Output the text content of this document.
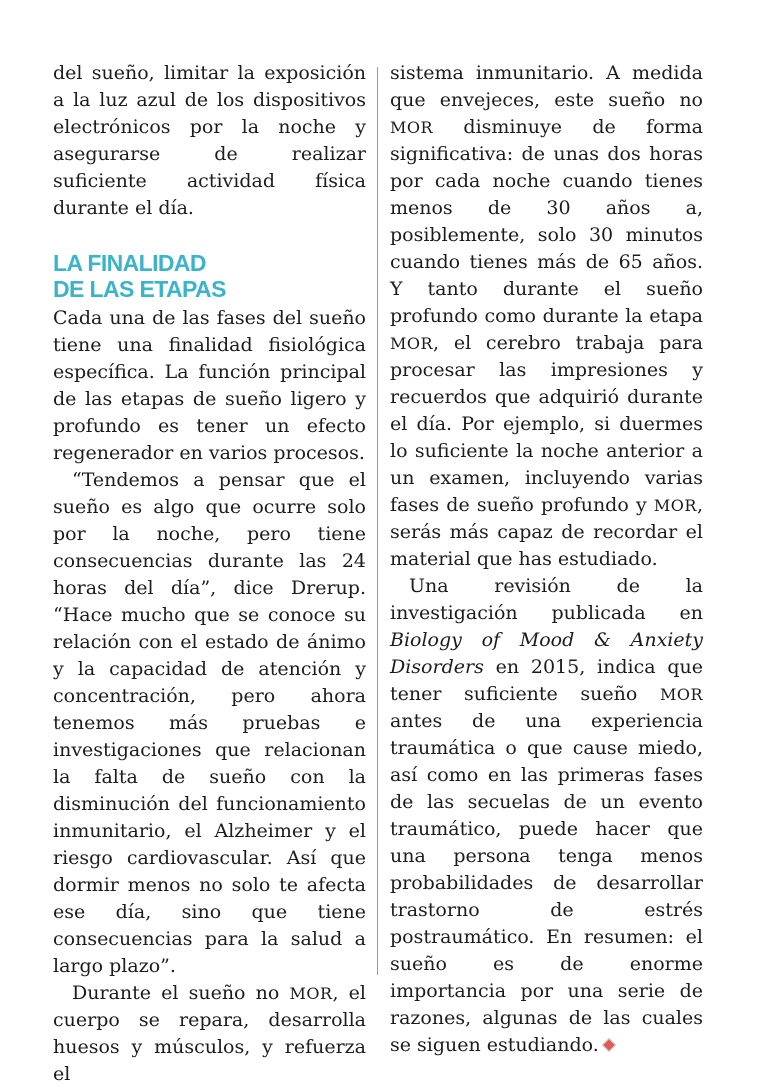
del sueño, limitar la exposición a la luz azul de los dispositivos electrónicos por la noche y asegurarse de realizar suficiente actividad física durante el día.

LA FINALIDAD
DE LAS ETAPAS

Cada una de las fases del sueño tiene una finalidad fisiológica específica. La función principal de las etapas de sueño ligero y profundo es tener un efecto regenerador en varios procesos.

“Tendemos a pensar que el sueño es algo que ocurre solo por la noche, pero tiene consecuencias durante las 24 horas del día”, dice Drerup. “Hace mucho que se conoce su relación con el estado de ánimo y la capacidad de atención y concentración, pero ahora tenemos más pruebas e investigaciones que relacionan la falta de sueño con la disminución del funcionamiento inmunitario, el Alzheimer y el riesgo cardiovascular. Así que dormir menos no solo te afecta ese día, sino que tiene consecuencias para la salud a largo plazo”.

Durante el sueño no MOR, el cuerpo se repara, desarrolla huesos y músculos, y refuerza el

sistema inmunitario. A medida que envejeces, este sueño no MOR disminuye de forma significativa: de unas dos horas por cada noche cuando tienes menos de 30 años a, posiblemente, solo 30 minutos cuando tienes más de 65 años. Y tanto durante el sueño profundo como durante la etapa MOR, el cerebro trabaja para procesar las impresiones y recuerdos que adquirió durante el día. Por ejemplo, si duermes lo suficiente la noche anterior a un examen, incluyendo varias fases de sueño profundo y MOR, serás más capaz de recordar el material que has estudiado.

Una revisión de la investigación publicada en Biology of Mood & Anxiety Disorders en 2015, indica que tener suficiente sueño MOR antes de una experiencia traumática o que cause miedo, así como en las primeras fases de las secuelas de un evento traumático, puede hacer que una persona tenga menos probabilidades de desarrollar trastorno de estrés postraumático. En resumen: el sueño es de enorme importancia por una serie de razones, algunas de las cuales se siguen estudiando.
